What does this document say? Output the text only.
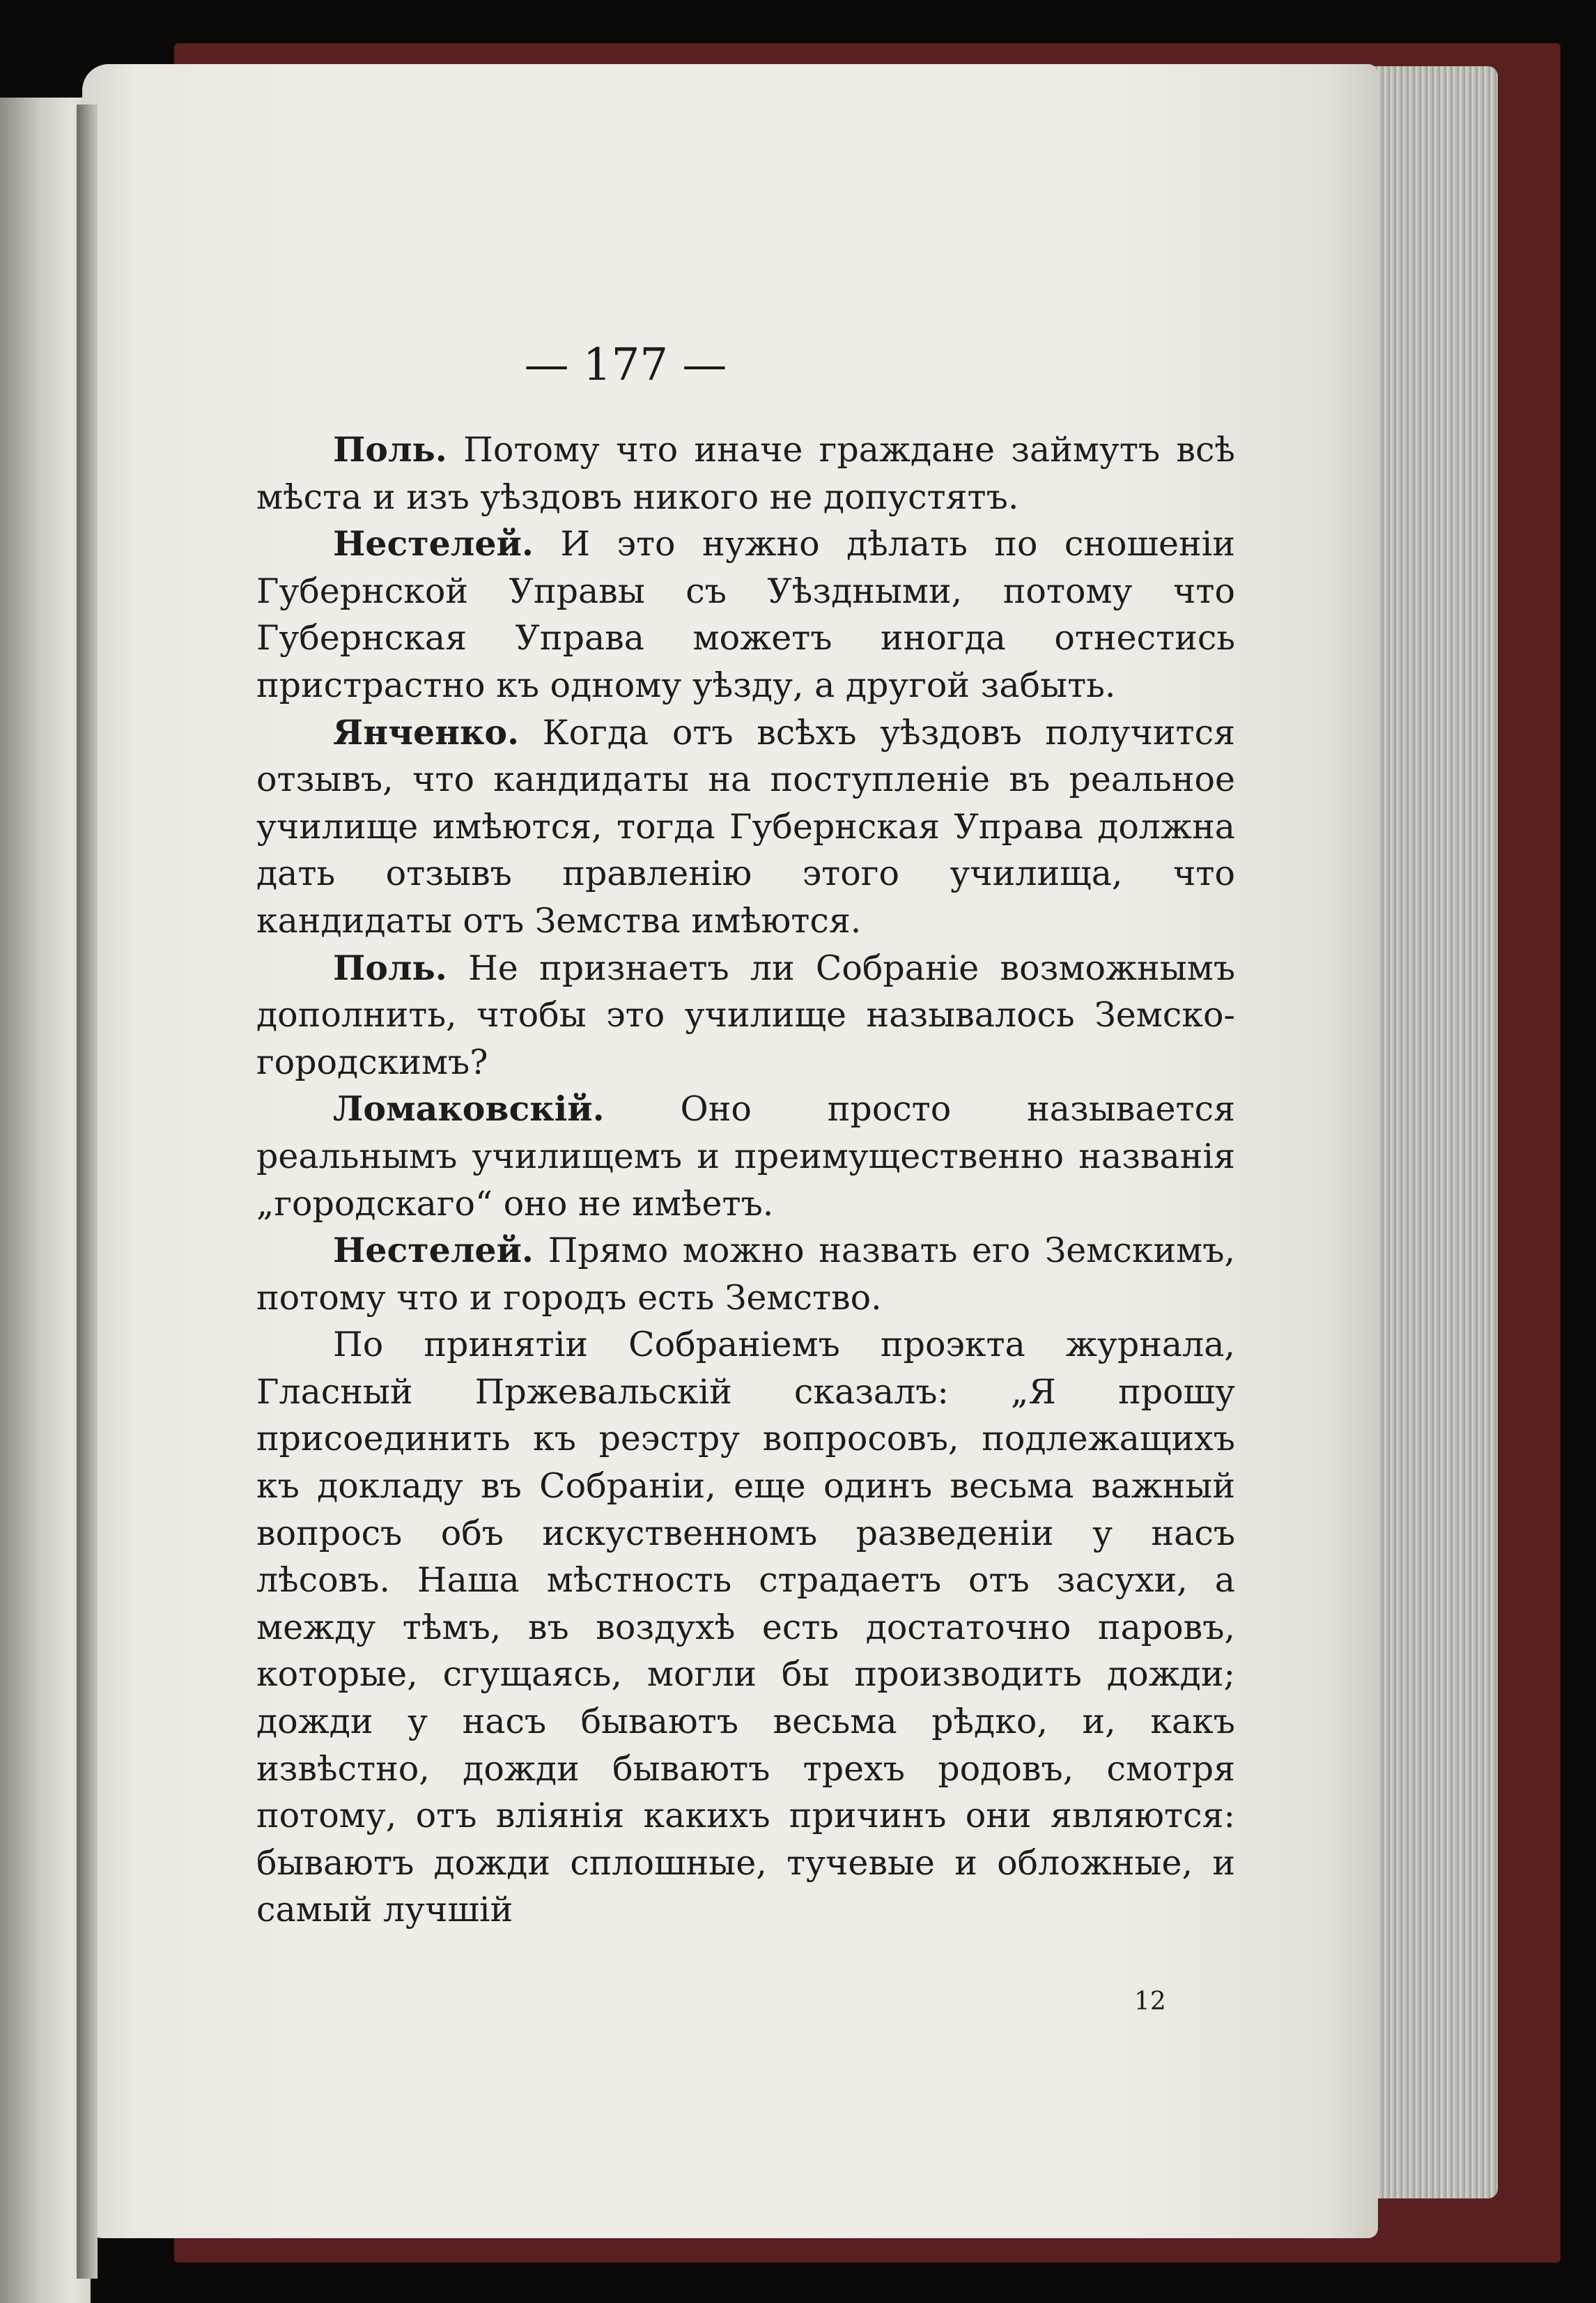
— 177 —

Поль. Потому что иначе граждане займутъ всѣ мѣста и изъ уѣздовъ никого не допустятъ.

Нестелей. И это нужно дѣлать по сношеніи Губернской Управы съ Уѣздными, потому что Губернская Управа можетъ иногда отнестись пристрастно къ одному уѣзду, а другой забыть.

Янченко. Когда отъ всѣхъ уѣздовъ получится отзывъ, что кандидаты на поступленіе въ реальное училище имѣются, тогда Губернская Управа должна дать отзывъ правленію этого училища, что кандидаты отъ Земства имѣются.

Поль. Не признаетъ ли Собраніе возможнымъ дополнить, чтобы это училище называлось Земско-городскимъ?

Ломаковскій. Оно просто называется реальнымъ училищемъ и преимущественно названія „городскаго“ оно не имѣетъ.

Нестелей. Прямо можно назвать его Земскимъ, потому что и городъ есть Земство.

По принятіи Собраніемъ проэкта журнала, Гласный Пржевальскій сказалъ: „Я прошу присоединить къ реэстру вопросовъ, подлежащихъ къ докладу въ Собраніи, еще одинъ весьма важный вопросъ объ искуственномъ разведеніи у насъ лѣсовъ. Наша мѣстность страдаетъ отъ засухи, а между тѣмъ, въ воздухѣ есть достаточно паровъ, которые, сгущаясь, могли бы производить дожди; дожди у насъ бываютъ весьма рѣдко, и, какъ извѣстно, дожди бываютъ трехъ родовъ, смотря потому, отъ вліянія какихъ причинъ они являются: бываютъ дожди сплошные, тучевые и обложные, и самый лучшій

12
